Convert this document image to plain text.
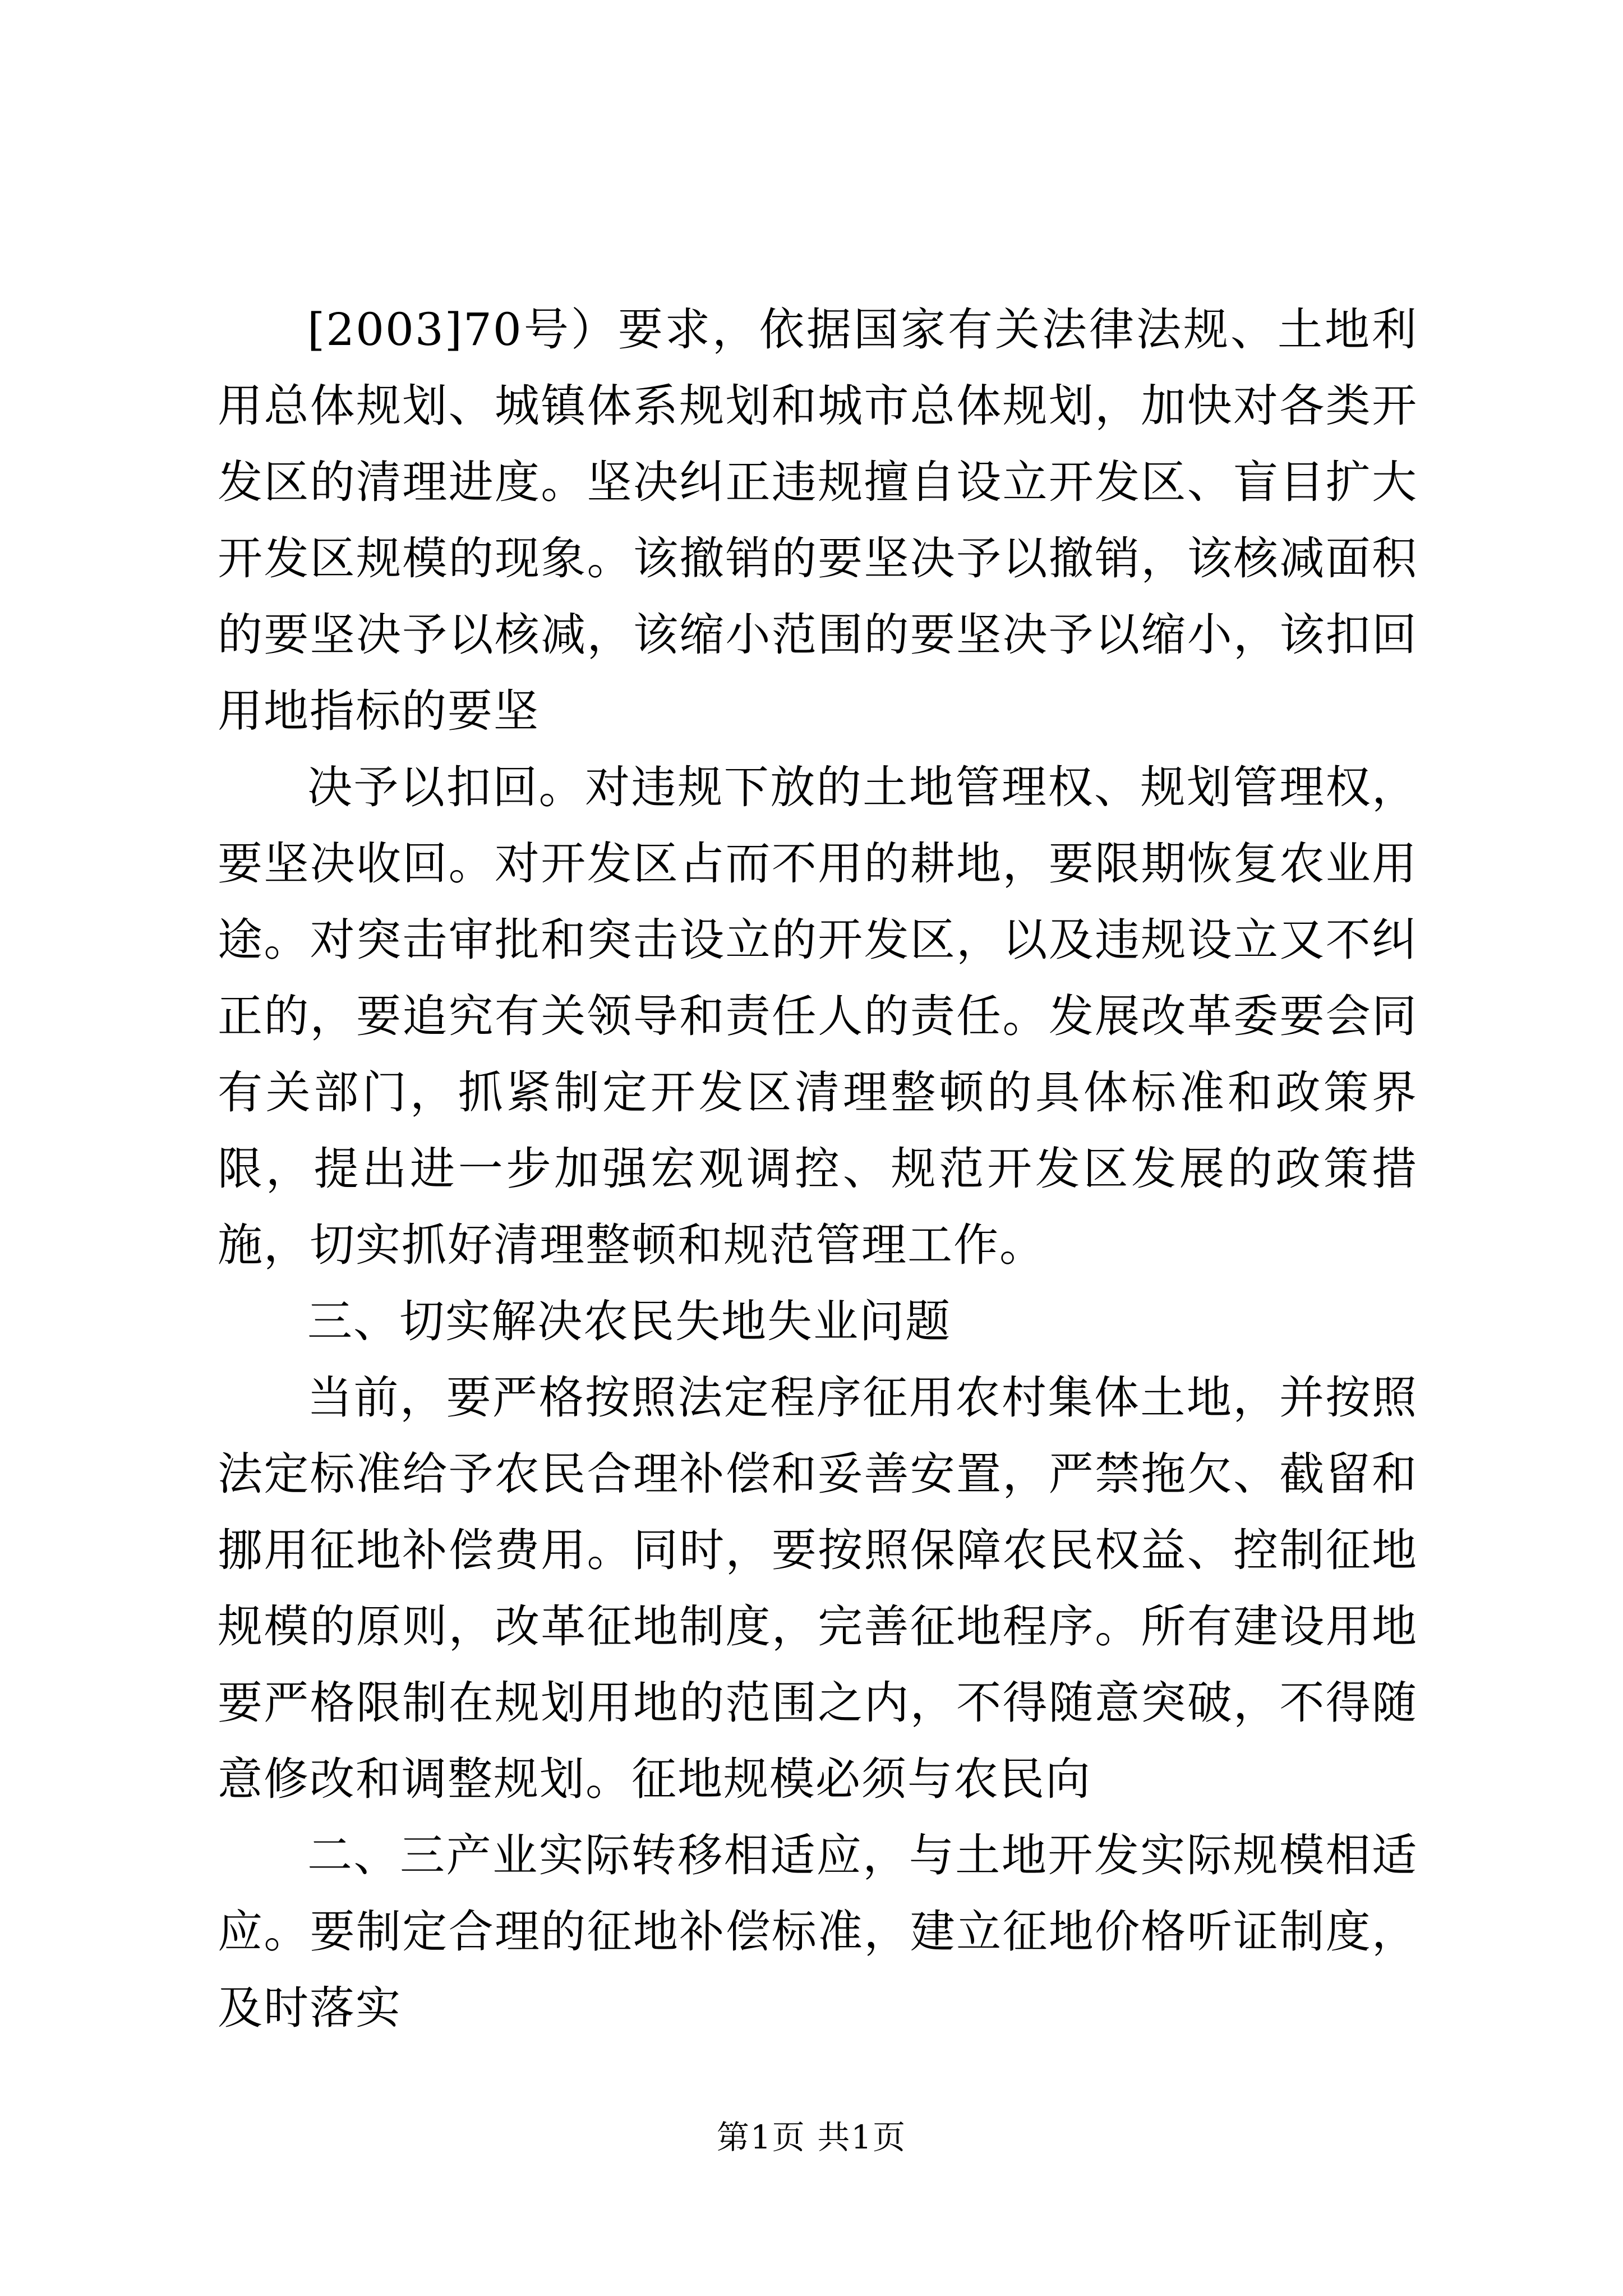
[2003]70号）要求，依据国家有关法律法规、土地利用总体规划、城镇体系规划和城市总体规划，加快对各类开发区的清理进度。坚决纠正违规擅自设立开发区、盲目扩大开发区规模的现象。该撤销的要坚决予以撤销，该核减面积的要坚决予以核减，该缩小范围的要坚决予以缩小，该扣回用地指标的要坚

决予以扣回。对违规下放的土地管理权、规划管理权，要坚决收回。对开发区占而不用的耕地，要限期恢复农业用途。对突击审批和突击设立的开发区，以及违规设立又不纠正的，要追究有关领导和责任人的责任。发展改革委要会同有关部门，抓紧制定开发区清理整顿的具体标准和政策界限，提出进一步加强宏观调控、规范开发区发展的政策措施，切实抓好清理整顿和规范管理工作。

三、切实解决农民失地失业问题

当前，要严格按照法定程序征用农村集体土地，并按照法定标准给予农民合理补偿和妥善安置，严禁拖欠、截留和挪用征地补偿费用。同时，要按照保障农民权益、控制征地规模的原则，改革征地制度，完善征地程序。所有建设用地要严格限制在规划用地的范围之内，不得随意突破，不得随意修改和调整规划。征地规模必须与农民向

二、三产业实际转移相适应，与土地开发实际规模相适应。要制定合理的征地补偿标准，建立征地价格听证制度，及时落实

第1页 共1页
